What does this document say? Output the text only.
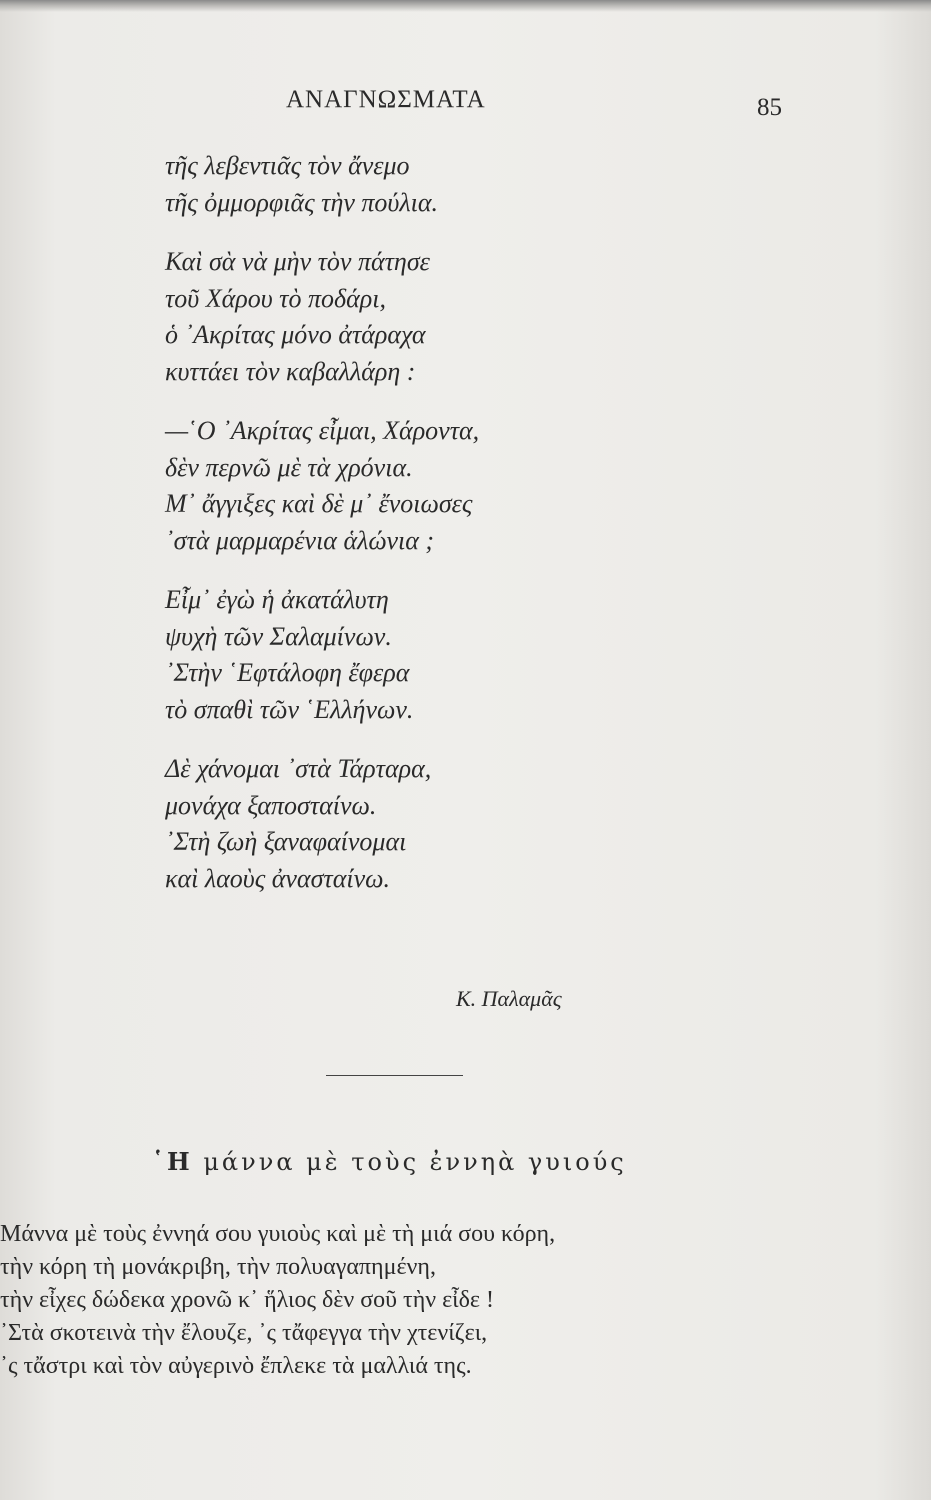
ΑΝΑΓΝΩΣΜΑΤΑ	85
τῆς λεβεντιᾶς τὸν ἄνεμο
τῆς ὀμμορφιᾶς τὴν πούλια.
Καὶ σὰ νὰ μὴν τὸν πάτησε
τοῦ Χάρου τὸ ποδάρι,
ὁ ᾿Ακρίτας μόνο ἀτάραχα
κυττάει τὸν καβαλλάρη :
—῾Ο ᾿Ακρίτας εἶμαι, Χάροντα,
δὲν περνῶ μὲ τὰ χρόνια.
Μ᾿ ἄγγιξες καὶ δὲ μ᾿ ἔνοιωσες
᾿στὰ μαρμαρένια ἁλώνια ;
Εἶμ᾿ ἐγὼ ἡ ἀκατάλυτη
ψυχὴ τῶν Σαλαμίνων.
᾿Στὴν ῾Εφτάλοφη ἔφερα
τὸ σπαθὶ τῶν ῾Ελλήνων.
Δὲ χάνομαι ᾿στὰ Τάρταρα,
μονάχα ξαποσταίνω.
᾿Στὴ ζωὴ ξαναφαίνομαι
καὶ λαοὺς ἀνασταίνω.
Κ. Παλαμᾶς
῾Η μάννα μὲ τοὺς ἐννηὰ γυιούς
Μάννα μὲ τοὺς ἐννηά σου γυιοὺς καὶ μὲ τὴ μιά σου κόρη,
τὴν κόρη τὴ μονάκριβη, τὴν πολυαγαπημένη,
τὴν εἶχες δώδεκα χρονῶ κ᾿ ἥλιος δὲν σοῦ τὴν εἶδε !
᾿Στὰ σκοτεινὰ τὴν ἔλουζε, ᾿ς τἄφεγγα τὴν χτενίζει,
᾿ς τἄστρι καὶ τὸν αὐγερινὸ ἔπλεκε τὰ μαλλιά της.
